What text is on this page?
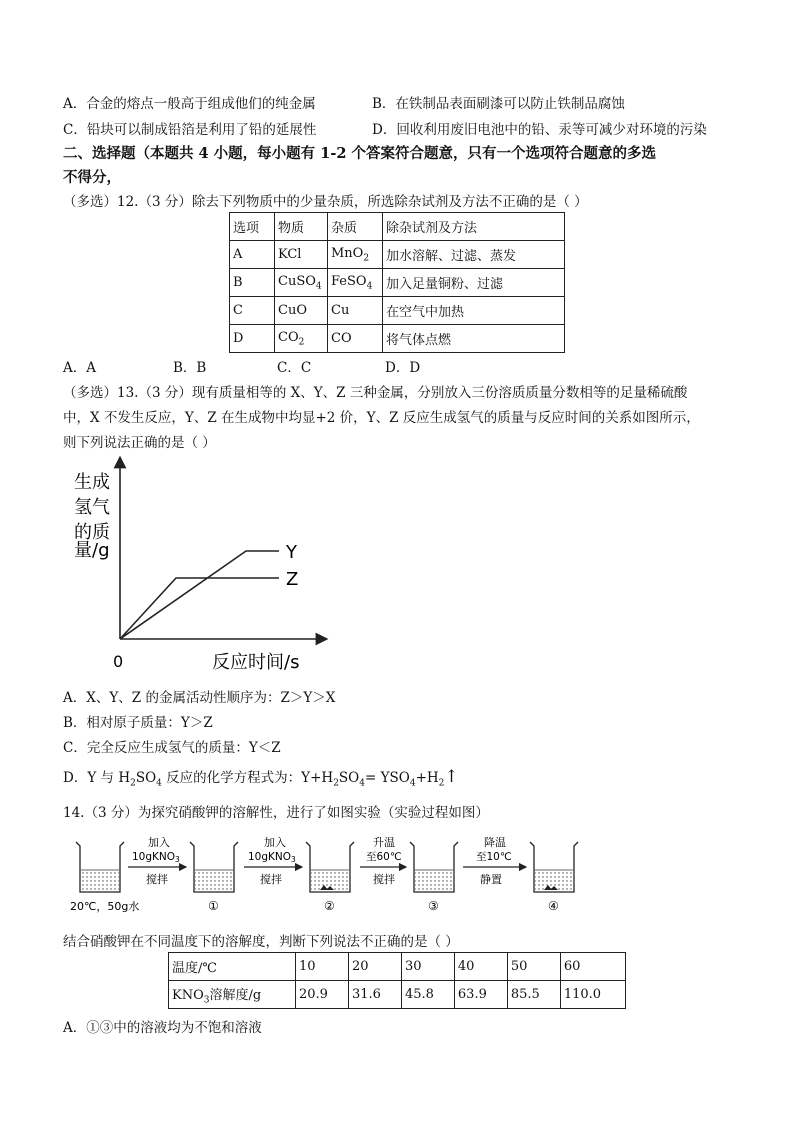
A．合金的熔点一般高于组成他们的纯金属	B．在铁制品表面刷漆可以防止铁制品腐蚀
C．铅块可以制成铅箔是利用了铅的延展性	D．回收利用废旧电池中的铅、汞等可减少对环境的污染
二、选择题（本题共 4 小题，每小题有 1-2 个答案符合题意，只有一个选项符合题意的多选
不得分，
（多选）12.（3 分）除去下列物质中的少量杂质，所选除杂试剂及方法不正确的是（ ）
选项	物质	杂质	除杂试剂及方法
A	KCl	MnO$_2$	加水溶解、过滤、蒸发
B	CuSO$_4$	FeSO$_4$	加入足量铜粉、过滤
C	CuO	Cu	在空气中加热
D	$CO_2$	CO	将气体点燃
A．A	B．B	C．C	D．D
（多选）13.（3 分）现有质量相等的 X、Y、Z 三种金属，分别放入三份溶质质量分数相等的足量稀硫酸
中，X 不发生反应，Y、Z 在生成物中均显+2 价，Y、Z 反应生成氢气的质量与反应时间的关系如图所示，
则下列说法正确的是（ ）
生成
氢气
的质
量/g
0	反应时间/s
Y
Z
A．X、Y、Z 的金属活动性顺序为：Z＞Y＞X
B．相对原子质量：Y＞Z
C．完全反应生成氢气的质量：Y＜Z
D．Y 与 $H_2SO_4$ 反应的化学方程式为：$Y+H_2SO_4=$ $YSO_4+H_2↑$
14.（3 分）为探究硝酸钾的溶解性，进行了如图实验（实验过程如图）
加入
10gKNO3
搅拌
加入
10gKNO3
搅拌
升温
至60℃
搅拌
降温
至10℃
静置
20℃，50g水	①	②	③	④
结合硝酸钾在不同温度下的溶解度，判断下列说法不正确的是（ ）
温度/℃	10	20	30	40	50	60
$KNO_3$溶解度/g	20.9	31.6	45.8	63.9	85.5	110.0
A．①③中的溶液均为不饱和溶液
